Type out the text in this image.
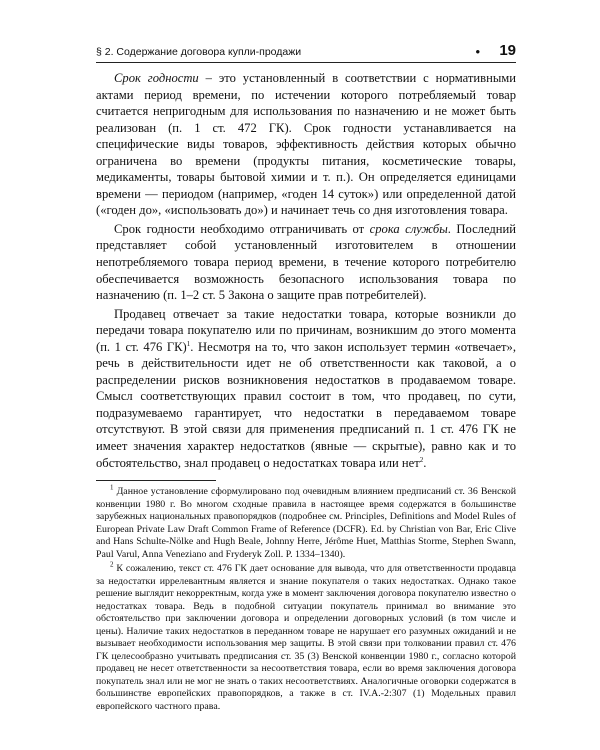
§ 2. Содержание договора купли-продажи	• 19

Срок годности – это установленный в соответствии с нормативными актами период времени, по истечении которого потребляемый товар считается непригодным для использования по назначению и не может быть реализован (п. 1 ст. 472 ГК). Срок годности устанавливается на специфические виды товаров, эффективность действия которых обычно ограничена во времени (продукты питания, косметические товары, медикаменты, товары бытовой химии и т. п.). Он определяется единицами времени — периодом (например, «годен 14 суток») или определенной датой («годен до», «использовать до») и начинает течь со дня изготовления товара.

Срок годности необходимо отграничивать от срока службы. Последний представляет собой установленный изготовителем в отношении непотребляемого товара период времени, в течение которого потребителю обеспечивается возможность безопасного использования товара по назначению (п. 1–2 ст. 5 Закона о защите прав потребителей).

Продавец отвечает за такие недостатки товара, которые возникли до передачи товара покупателю или по причинам, возникшим до этого момента (п. 1 ст. 476 ГК)$^1$. Несмотря на то, что закон использует термин «отвечает», речь в действительности идет не об ответственности как таковой, а о распределении рисков возникновения недостатков в продаваемом товаре. Смысл соответствующих правил состоит в том, что продавец, по сути, подразумеваемо гарантирует, что недостатки в передаваемом товаре отсутствуют. В этой связи для применения предписаний п. 1 ст. 476 ГК не имеет значения характер недостатков (явные — скрытые), равно как и то обстоятельство, знал продавец о недостатках товара или нет$^2$.

$^1$ Данное установление сформулировано под очевидным влиянием предписаний ст. 36 Венской конвенции 1980 г. Во многом сходные правила в настоящее время содержатся в большинстве зарубежных национальных правопорядков (подробнее см. Principles, Definitions and Model Rules of European Private Law Draft Common Frame of Reference (DCFR). Ed. by Christian von Bar, Eric Clive and Hans Schulte-Nölke and Hugh Beale, Johnny Herre, Jérôme Huet, Matthias Storme, Stephen Swann, Paul Varul, Anna Veneziano and Fryderyk Zoll. P. 1334–1340).

$^2$ К сожалению, текст ст. 476 ГК дает основание для вывода, что для ответственности продавца за недостатки иррелевантным является и знание покупателя о таких недостатках. Однако такое решение выглядит некорректным, когда уже в момент заключения договора покупателю известно о недостатках товара. Ведь в подобной ситуации покупатель принимал во внимание это обстоятельство при заключении договора и определении договорных условий (в том числе и цены). Наличие таких недостатков в переданном товаре не нарушает его разумных ожиданий и не вызывает необходимости использования мер защиты. В этой связи при толковании правил ст. 476 ГК целесообразно учитывать предписания ст. 35 (3) Венской конвенции 1980 г., согласно которой продавец не несет ответственности за несоответствия товара, если во время заключения договора покупатель знал или не мог не знать о таких несоответствиях. Аналогичные оговорки содержатся в большинстве европейских правопорядков, а также в ст. IV.A.-2:307 (1) Модельных правил европейского частного права.
